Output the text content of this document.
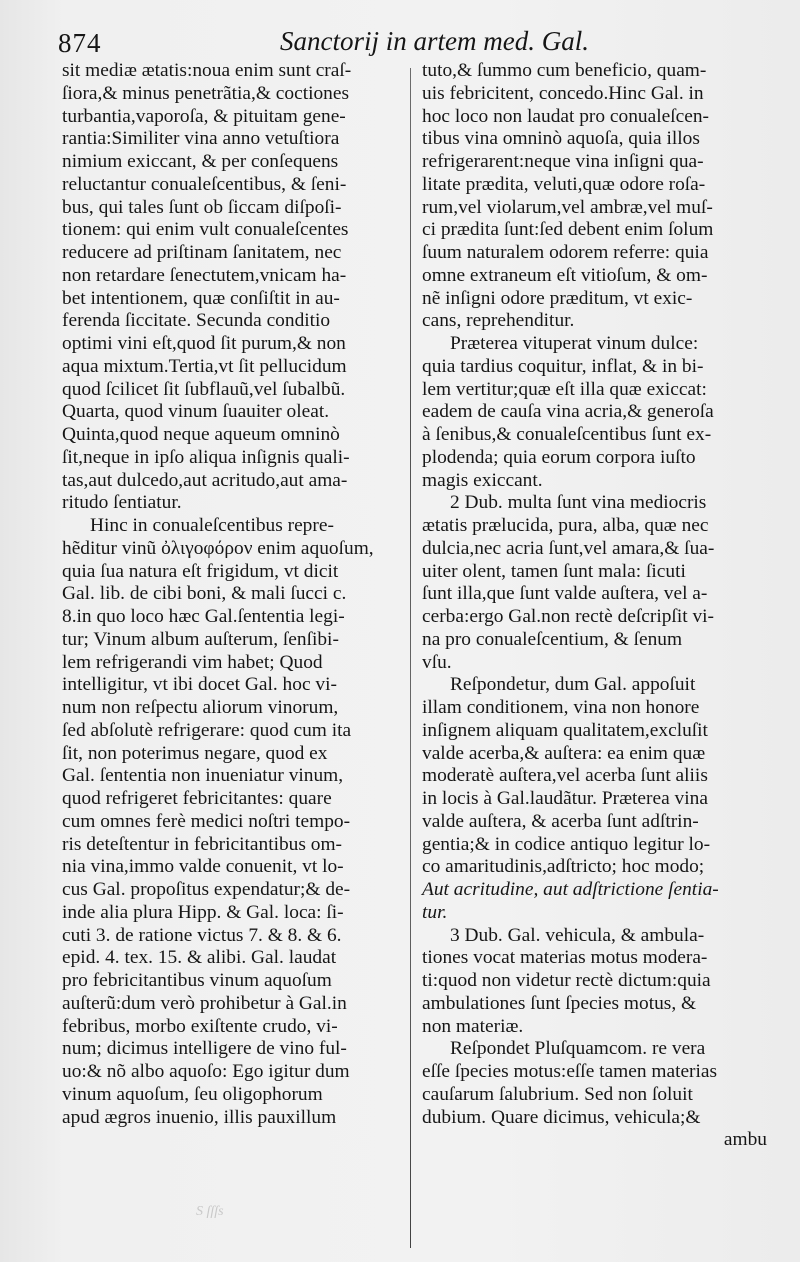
874	Sanctorij in artem med. Gal.
sit mediæ ætatis:noua enim sunt craſ-
ſiora,& minus penetrãtia,& coctiones
turbantia,vaporoſa, & pituitam gene-
rantia:Similiter vina anno vetuſtiora
nimium exiccant, & per conſequens
reluctantur conualeſcentibus, & ſeni-
bus, qui tales ſunt ob ſiccam diſpoſi-
tionem: qui enim vult conualeſcentes
reducere ad priſtinam ſanitatem, nec
non retardare ſenectutem,vnicam ha-
bet intentionem, quæ conſiſtit in au-
ferenda ſiccitate. Secunda conditio
optimi vini eſt,quod ſit purum,& non
aqua mixtum.Tertia,vt ſit pellucidum
quod ſcilicet ſit ſubflauũ,vel ſubalbũ.
Quarta, quod vinum ſuauiter oleat.
Quinta,quod neque aqueum omninò
ſit,neque in ipſo aliqua inſignis quali-
tas,aut dulcedo,aut acritudo,aut ama-
ritudo ſentiatur.
Hinc in conualeſcentibus repre-
hẽditur vinũ ὀλιγοφόρον enim aquoſum,
quia ſua natura eſt frigidum, vt dicit
Gal. lib. de cibi boni, & mali ſucci c.
8.in quo loco hæc Gal.ſententia legi-
tur; Vinum album auſterum, ſenſibi-
lem refrigerandi vim habet; Quod
intelligitur, vt ibi docet Gal. hoc vi-
num non reſpectu aliorum vinorum,
ſed abſolutè refrigerare: quod cum ita
ſit, non poterimus negare, quod ex
Gal. ſententia non inueniatur vinum,
quod refrigeret febricitantes: quare
cum omnes ferè medici noſtri tempo-
ris deteſtentur in febricitantibus om-
nia vina,immo valde conuenit, vt lo-
cus Gal. propoſitus expendatur;& de-
inde alia plura Hipp. & Gal. loca: ſi-
cuti 3. de ratione victus 7. & 8. & 6.
epid. 4. tex. 15. & alibi. Gal. laudat
pro febricitantibus vinum aquoſum
auſterũ:dum verò prohibetur à Gal.in
febribus, morbo exiſtente crudo, vi-
num; dicimus intelligere de vino ful-
uo:& nõ albo aquoſo: Ego igitur dum
vinum aquoſum, ſeu oligophorum
apud ægros inuenio, illis pauxillum
tuto,& ſummo cum beneficio, quam-
uis febricitent, concedo.Hinc Gal. in
hoc loco non laudat pro conualeſcen-
tibus vina omninò aquoſa, quia illos
refrigerarent:neque vina inſigni qua-
litate prædita, veluti,quæ odore roſa-
rum,vel violarum,vel ambræ,vel muſ-
ci prædita ſunt:ſed debent enim ſolum
ſuum naturalem odorem referre: quia
omne extraneum eſt vitioſum, & om-
nẽ inſigni odore præditum, vt exic-
cans, reprehenditur.
Præterea vituperat vinum dulce:
quia tardius coquitur, inflat, & in bi-
lem vertitur;quæ eſt illa quæ exiccat:
eadem de cauſa vina acria,& generoſa
à ſenibus,& conualeſcentibus ſunt ex-
plodenda; quia eorum corpora iuſto
magis exiccant.
2 Dub. multa ſunt vina mediocris
ætatis prælucida, pura, alba, quæ nec
dulcia,nec acria ſunt,vel amara,& ſua-
uiter olent, tamen ſunt mala: ſicuti
ſunt illa,que ſunt valde auſtera, vel a-
cerba:ergo Gal.non rectè deſcripſit vi-
na pro conualeſcentium, & ſenum
vſu.
Reſpondetur, dum Gal. appoſuit
illam conditionem, vina non honore
inſignem aliquam qualitatem,excluſit
valde acerba,& auſtera: ea enim quæ
moderatè auſtera,vel acerba ſunt aliis
in locis à Gal.laudãtur. Præterea vina
valde auſtera, & acerba ſunt adſtrin-
gentia;& in codice antiquo legitur lo-
co amaritudinis,adſtricto; hoc modo;
Aut acritudine, aut adſtrictione ſentia-
tur.
3 Dub. Gal. vehicula, & ambula-
tiones vocat materias motus modera-
ti:quod non videtur rectè dictum:quia
ambulationes ſunt ſpecies motus, &
non materiæ.
Reſpondet Pluſquamcom. re vera
eſſe ſpecies motus:eſſe tamen materias
cauſarum ſalubrium. Sed non ſoluit
dubium. Quare dicimus, vehicula;&
ambu
S ſſſs
